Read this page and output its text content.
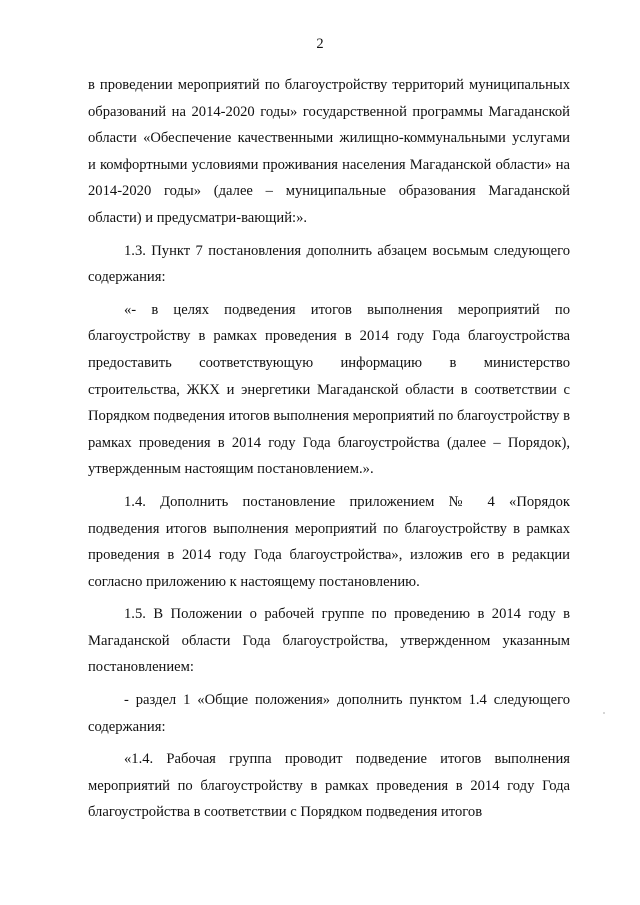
2

в проведении мероприятий по благоустройству территорий муниципальных образований на 2014-2020 годы» государственной программы Магаданской области «Обеспечение качественными жилищно-коммунальными услугами и комфортными условиями проживания населения Магаданской области» на 2014-2020 годы» (далее – муниципальные образования Магаданской области) и предусматри-вающий:».

1.3. Пункт 7 постановления дополнить абзацем восьмым следующего содержания:

«- в целях подведения итогов выполнения мероприятий по благоустройству в рамках проведения в 2014 году Года благоустройства предоставить соответствующую информацию в министерство строительства, ЖКХ и энергетики Магаданской области в соответствии с Порядком подведения итогов выполнения мероприятий по благоустройству в рамках проведения в 2014 году Года благоустройства (далее – Порядок), утвержденным настоящим постановлением.».

1.4. Дополнить постановление приложением № 4 «Порядок подведения итогов выполнения мероприятий по благоустройству в рамках проведения в 2014 году Года благоустройства», изложив его в редакции согласно приложению к настоящему постановлению.

1.5. В Положении о рабочей группе по проведению в 2014 году в Магаданской области Года благоустройства, утвержденном указанным постановлением:

- раздел 1 «Общие положения» дополнить пунктом 1.4 следующего содержания:

«1.4. Рабочая группа проводит подведение итогов выполнения мероприятий по благоустройству в рамках проведения в 2014 году Года благоустройства в соответствии с Порядком подведения итогов
